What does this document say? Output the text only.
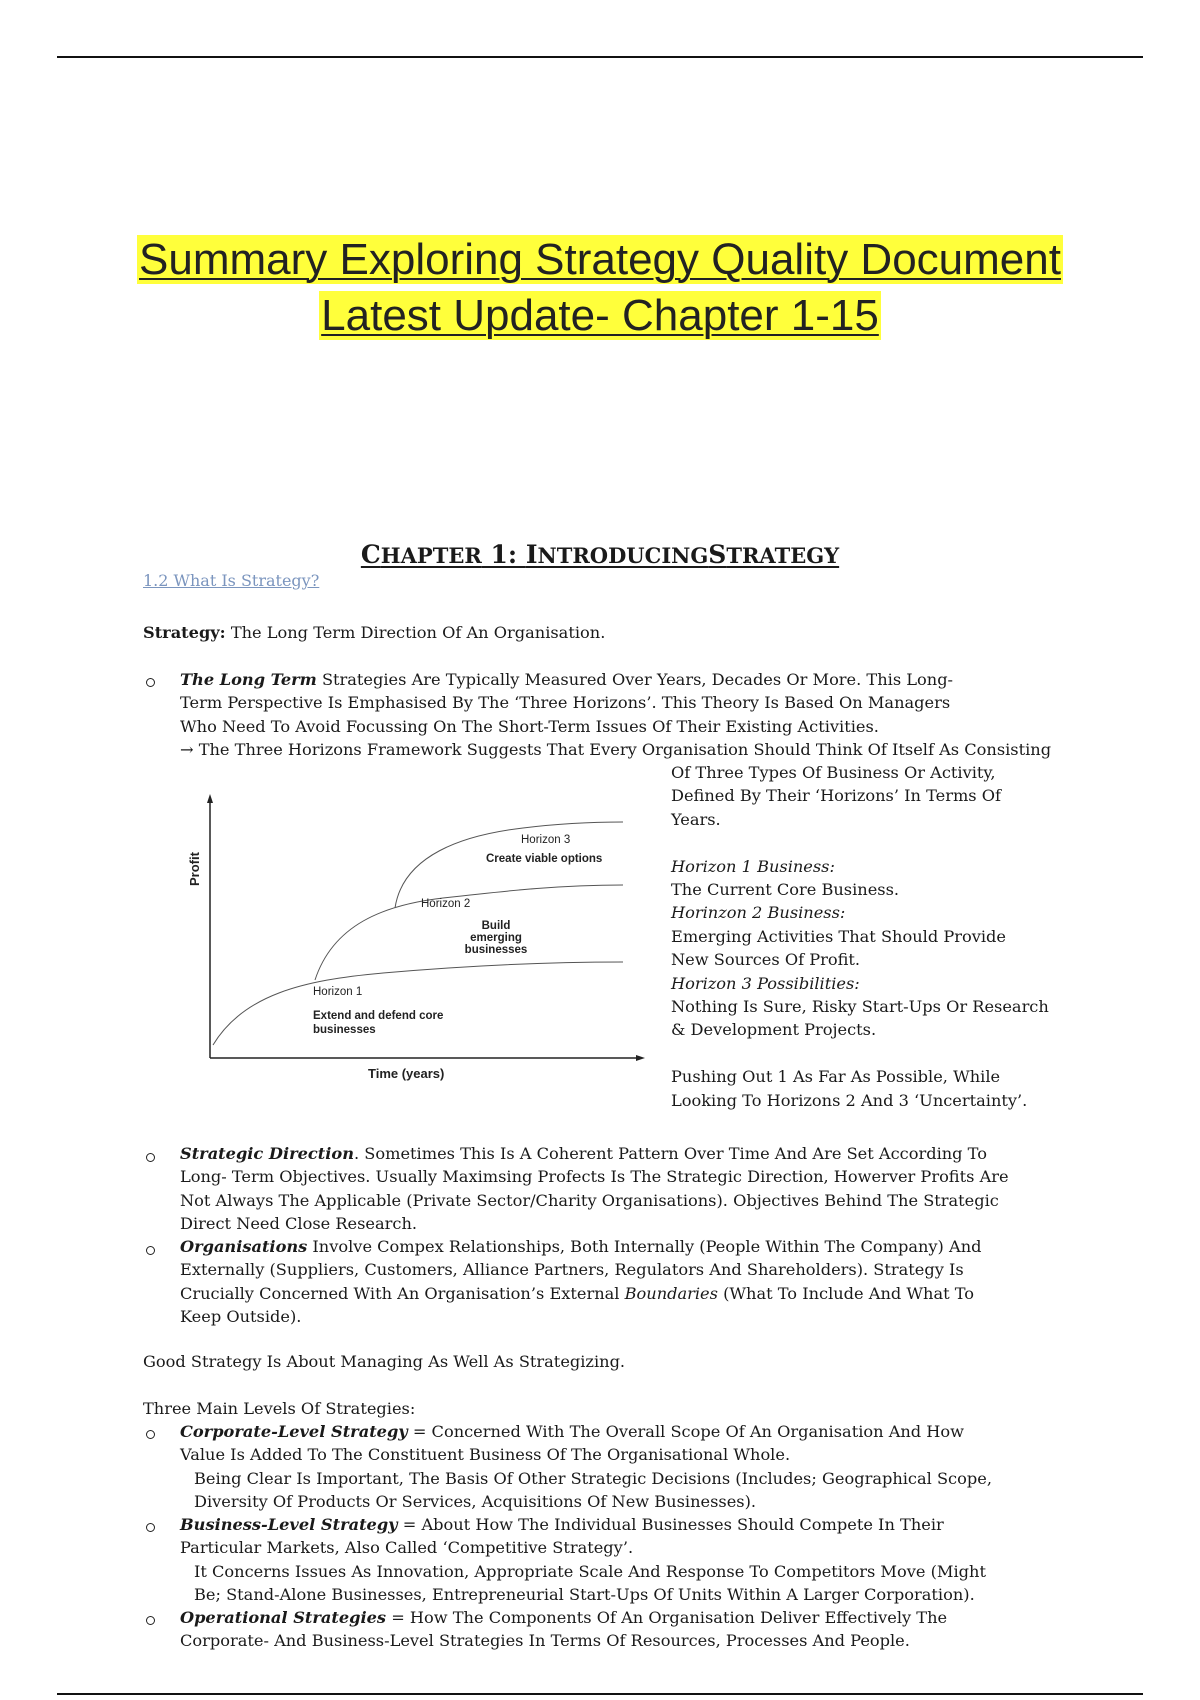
Summary Exploring Strategy Quality Document
Latest Update- Chapter 1-15
CHAPTER 1: INTRODUCINGSTRATEGY
1.2 What Is Strategy?
Strategy: The Long Term Direction Of An Organisation.
The Long Term Strategies Are Typically Measured Over Years, Decades Or More. This Long-
Term Perspective Is Emphasised By The ‘Three Horizons’. This Theory Is Based On Managers
Who Need To Avoid Focussing On The Short-Term Issues Of Their Existing Activities.
→ The Three Horizons Framework Suggests That Every Organisation Should Think Of Itself As Consisting
Profit
Time (years)
Horizon 3
Create viable options
Horizon 2
Build emerging
businesses
Horizon 1
Extend and defend core
businesses
Of Three Types Of Business Or Activity,
Defined By Their ‘Horizons’ In Terms Of
Years.

Horizon 1 Business:
The Current Core Business.
Horinzon 2 Business:
Emerging Activities That Should Provide
New Sources Of Profit.
Horizon 3 Possibilities:
Nothing Is Sure, Risky Start-Ups Or Research
& Development Projects.

Pushing Out 1 As Far As Possible, While
Looking To Horizons 2 And 3 ‘Uncertainty’.
Strategic Direction. Sometimes This Is A Coherent Pattern Over Time And Are Set According To
Long- Term Objectives. Usually Maximsing Profects Is The Strategic Direction, Howerver Profits Are
Not Always The Applicable (Private Sector/Charity Organisations). Objectives Behind The Strategic
Direct Need Close Research.
Organisations Involve Compex Relationships, Both Internally (People Within The Company) And
Externally (Suppliers, Customers, Alliance Partners, Regulators And Shareholders). Strategy Is
Crucially Concerned With An Organisation’s External Boundaries (What To Include And What To
Keep Outside).
Good Strategy Is About Managing As Well As Strategizing.
Three Main Levels Of Strategies:
Corporate-Level Strategy = Concerned With The Overall Scope Of An Organisation And How
Value Is Added To The Constituent Business Of The Organisational Whole.
Being Clear Is Important, The Basis Of Other Strategic Decisions (Includes; Geographical Scope,
Diversity Of Products Or Services, Acquisitions Of New Businesses).
Business-Level Strategy = About How The Individual Businesses Should Compete In Their
Particular Markets, Also Called ‘Competitive Strategy’.
It Concerns Issues As Innovation, Appropriate Scale And Response To Competitors Move (Might
Be; Stand-Alone Businesses, Entrepreneurial Start-Ups Of Units Within A Larger Corporation).
Operational Strategies = How The Components Of An Organisation Deliver Effectively The
Corporate- And Business-Level Strategies In Terms Of Resources, Processes And People.
